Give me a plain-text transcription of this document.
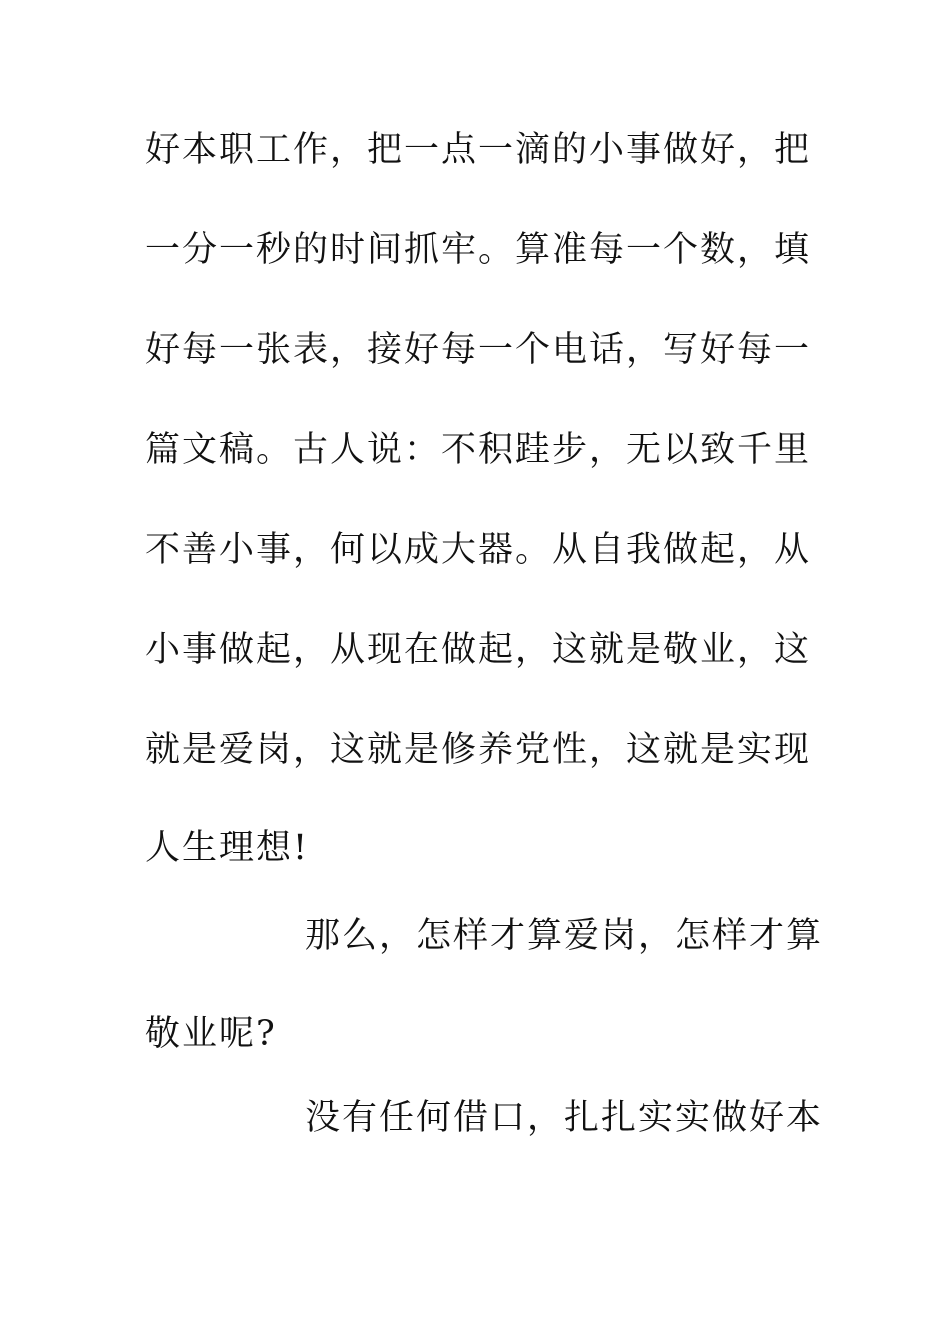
好本职工作，把一点一滴的小事做好，把
一分一秒的时间抓牢。算准每一个数，填
好每一张表，接好每一个电话，写好每一
篇文稿。古人说：不积跬步，无以致千里
不善小事，何以成大器。从自我做起，从
小事做起，从现在做起，这就是敬业，这
就是爱岗，这就是修养党性，这就是实现
人生理想!
那么，怎样才算爱岗，怎样才算
敬业呢?
没有任何借口，扎扎实实做好本
